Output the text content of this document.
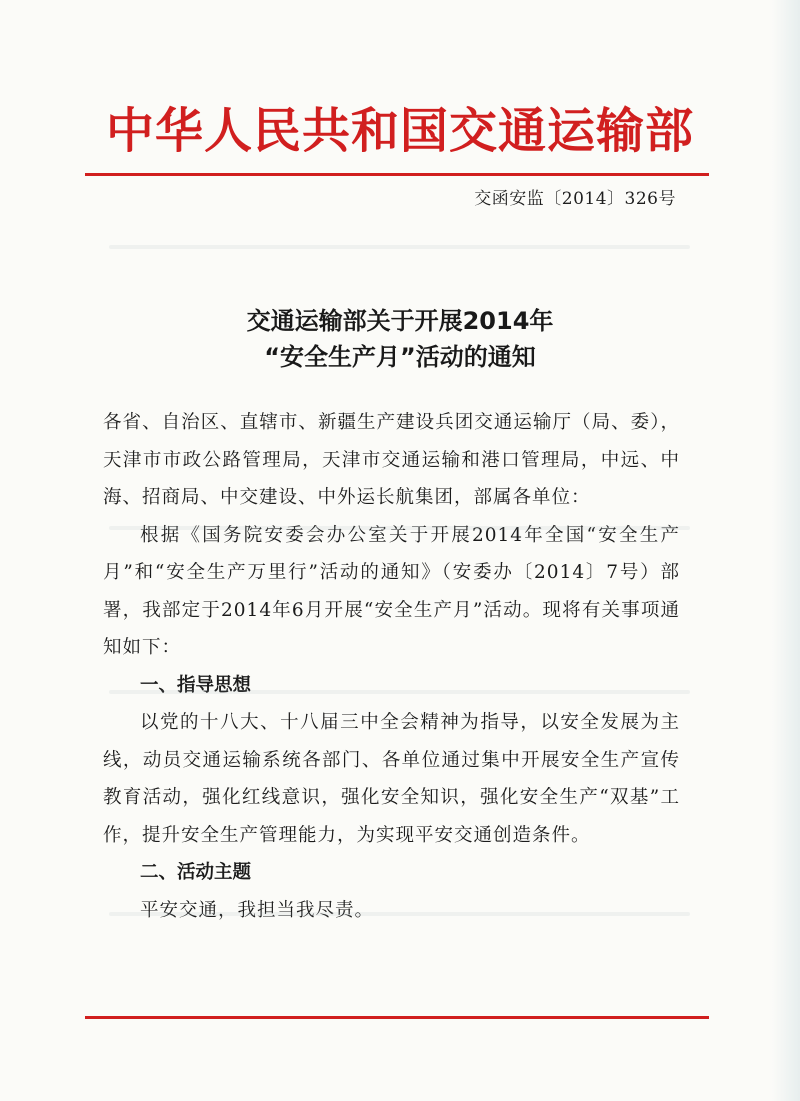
中华人民共和国交通运输部
交函安监〔2014〕326号
交通运输部关于开展2014年
“安全生产月”活动的通知

各省、自治区、直辖市、新疆生产建设兵团交通运输厅（局、委），天津市市政公路管理局，天津市交通运输和港口管理局，中远、中海、招商局、中交建设、中外运长航集团，部属各单位：

根据《国务院安委会办公室关于开展2014年全国“安全生产月”和“安全生产万里行”活动的通知》（安委办〔2014〕7号）部署，我部定于2014年6月开展“安全生产月”活动。现将有关事项通知如下：

一、指导思想

以党的十八大、十八届三中全会精神为指导，以安全发展为主线，动员交通运输系统各部门、各单位通过集中开展安全生产宣传教育活动，强化红线意识，强化安全知识，强化安全生产“双基”工作，提升安全生产管理能力，为实现平安交通创造条件。

二、活动主题

平安交通，我担当我尽责。
